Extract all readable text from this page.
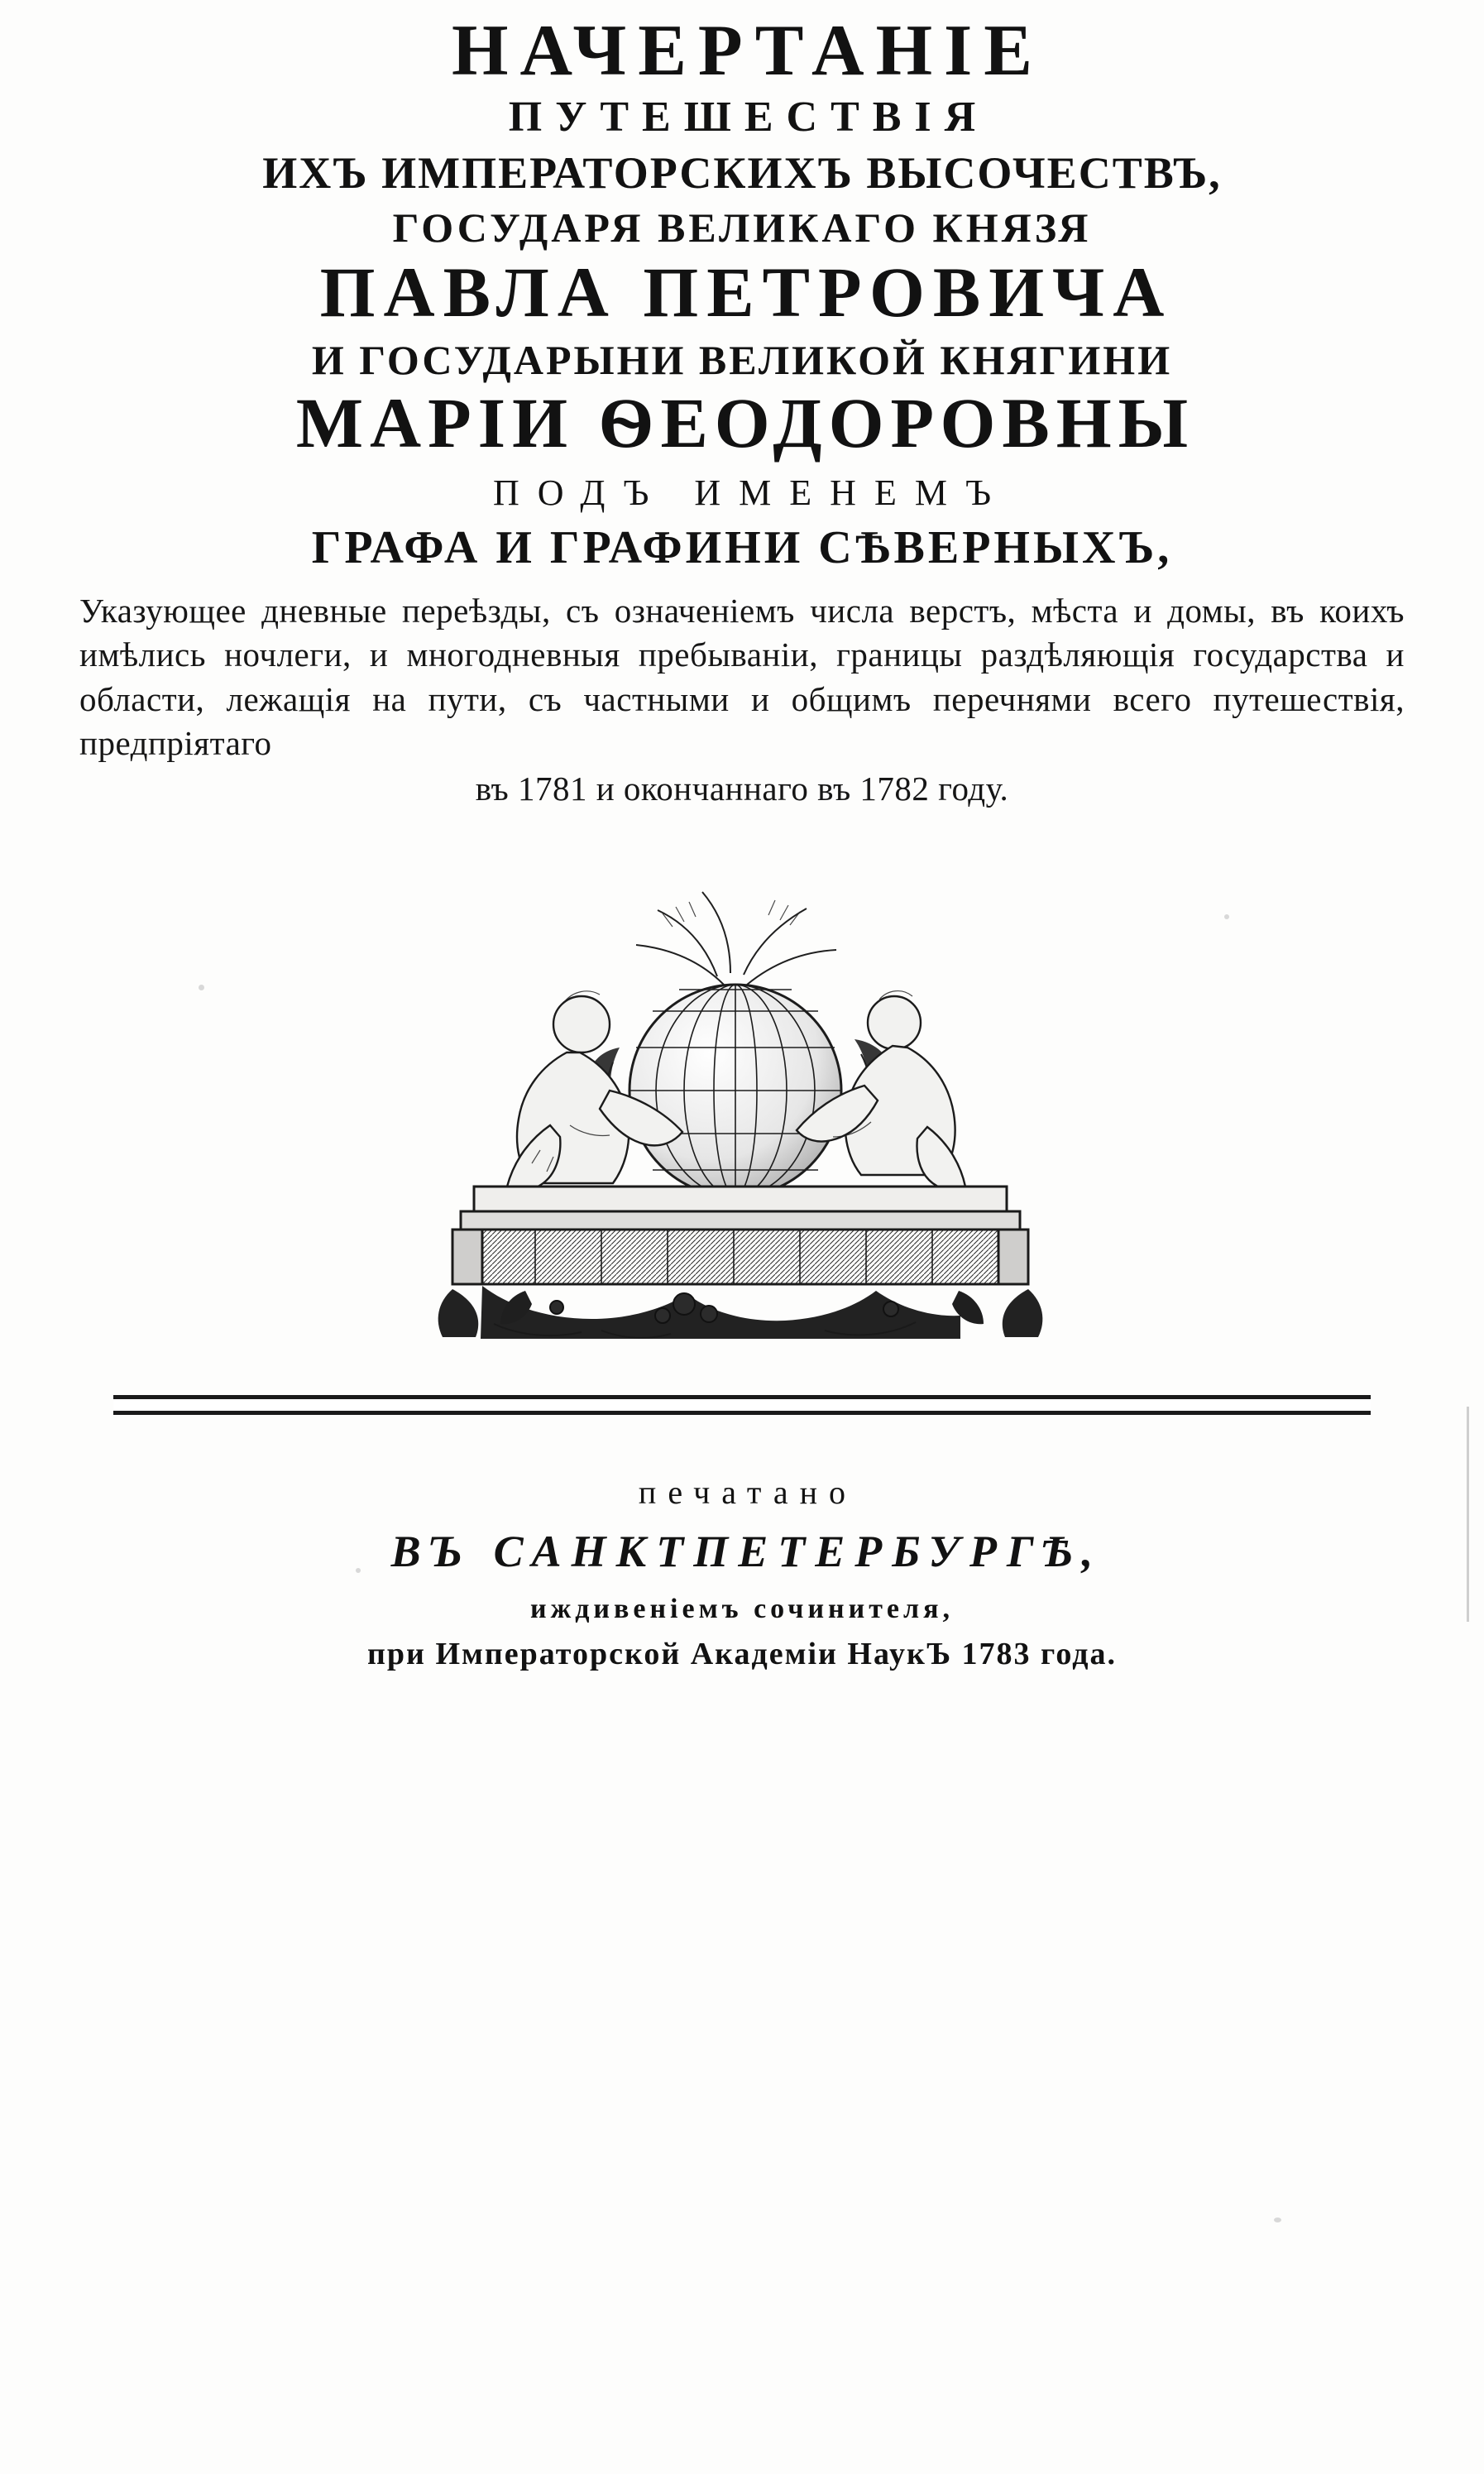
НАЧЕРТАНIЕ
ПУТЕШЕСТВIЯ
ИХЪ ИМПЕРАТОРСКИХЪ ВЫСОЧЕСТВЪ,
ГОСУДАРЯ ВЕЛИКАГО КНЯЗЯ
ПАВЛА ПЕТРОВИЧА
И ГОСУДАРЫНИ ВЕЛИКОЙ КНЯГИНИ
МАРIИ ѲЕОДОРОВНЫ
ПОДЪ ИМЕНЕМЪ
ГРАФА И ГРАФИНИ СѢВЕРНЫХЪ,
Указующее дневные переѣзды, съ означенiемъ числа верстъ, мѣста и домы, въ коихъ имѣлись ночлеги, и многодневныя пребыванiи, границы раздѣляющiя государства и области, лежащiя на пути, съ частными и общимъ перечнями всего путешествiя, предпрiятаго
въ 1781 и окончаннаго въ 1782 году.
печатано
ВЪ САНКТПЕТЕРБУРГѢ,
иждивенiемъ сочинителя,
при Императорской Академiи НаукЪ 1783 года.
